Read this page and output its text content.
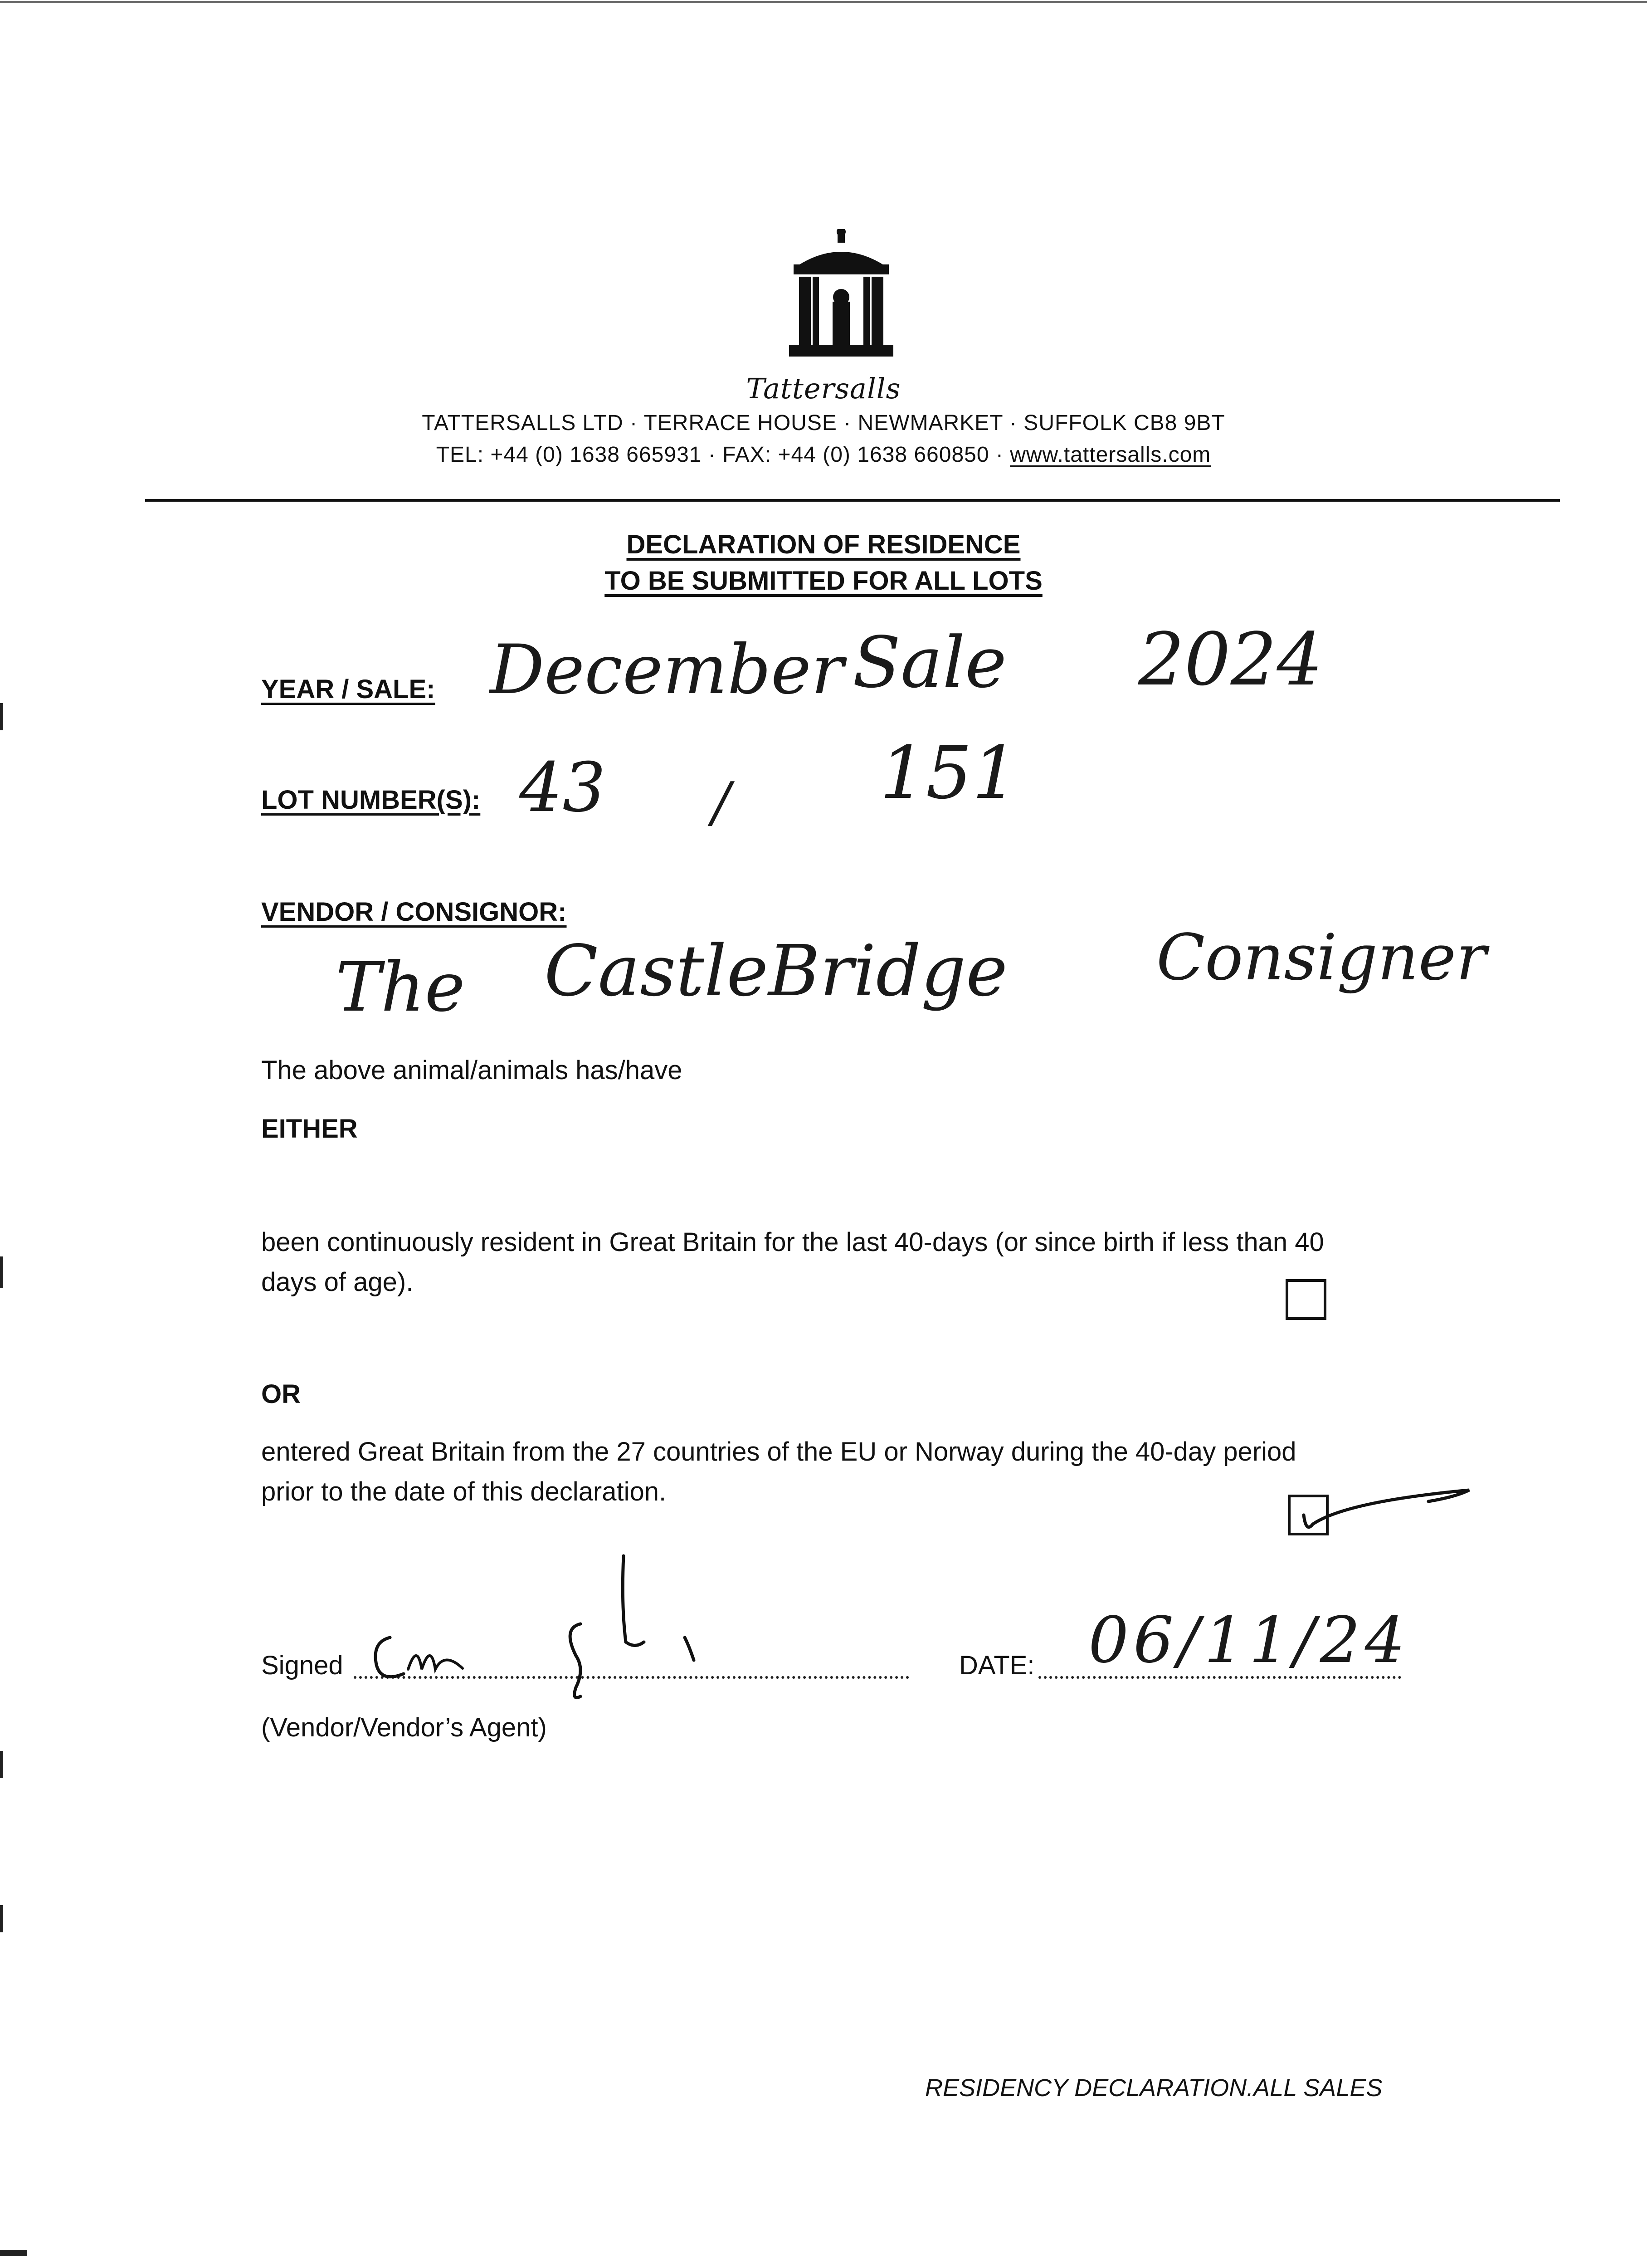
Tattersalls
TATTERSALLS LTD · TERRACE HOUSE · NEWMARKET · SUFFOLK CB8 9BT
TEL: +44 (0) 1638 665931 · FAX: +44 (0) 1638 660850 · www.tattersalls.com
DECLARATION OF RESIDENCE
TO BE SUBMITTED FOR ALL LOTS
YEAR / SALE: December Sale 2024
LOT NUMBER(S): 43 / 151
VENDOR / CONSIGNOR:
The CastleBridge Consigner
The above animal/animals has/have
EITHER
been continuously resident in Great Britain for the last 40-days (or since birth if less than 40
days of age).
OR
entered Great Britain from the 27 countries of the EU or Norway during the 40-day period
prior to the date of this declaration.
Signed	DATE: 06/11/24
(Vendor/Vendor’s Agent)
RESIDENCY DECLARATION.ALL SALES
